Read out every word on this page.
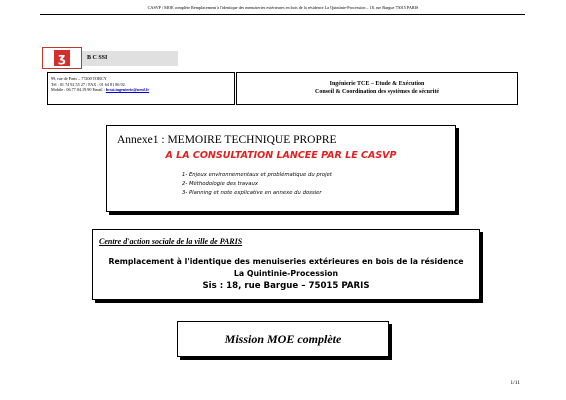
CASVP / MOE complète Remplacement à l'identique des menuiseries extérieures en bois de la résidence La Quintinie-Procession – 18, rue Bargue 75015 PARIS
ʒ	B C SSI
99, rue de Paris – 77200 TORCY
Tél : 01 74 92 55 27 / FAX : 01 64 81 86 92
Mobile : 06.77.04.19.90 Email : bcssi.ingenierie@neuf.fr
Ingénierie TCE – Etude & Exécution
Conseil & Coordination des systèmes de sécurité
Annexe1 : MEMOIRE TECHNIQUE PROPRE
A LA CONSULTATION LANCEE PAR LE CASVP
1- Enjeux environnementaux et problématique du projet
2- Méthodologie des travaux
3- Planning et note explicative en annexe du dossier
Centre d'action sociale de la ville de PARIS
Remplacement à l'identique des menuiseries extérieures en bois de la résidence
La Quintinie-Procession
Sis : 18, rue Bargue – 75015 PARIS
Mission MOE complète
1/11
